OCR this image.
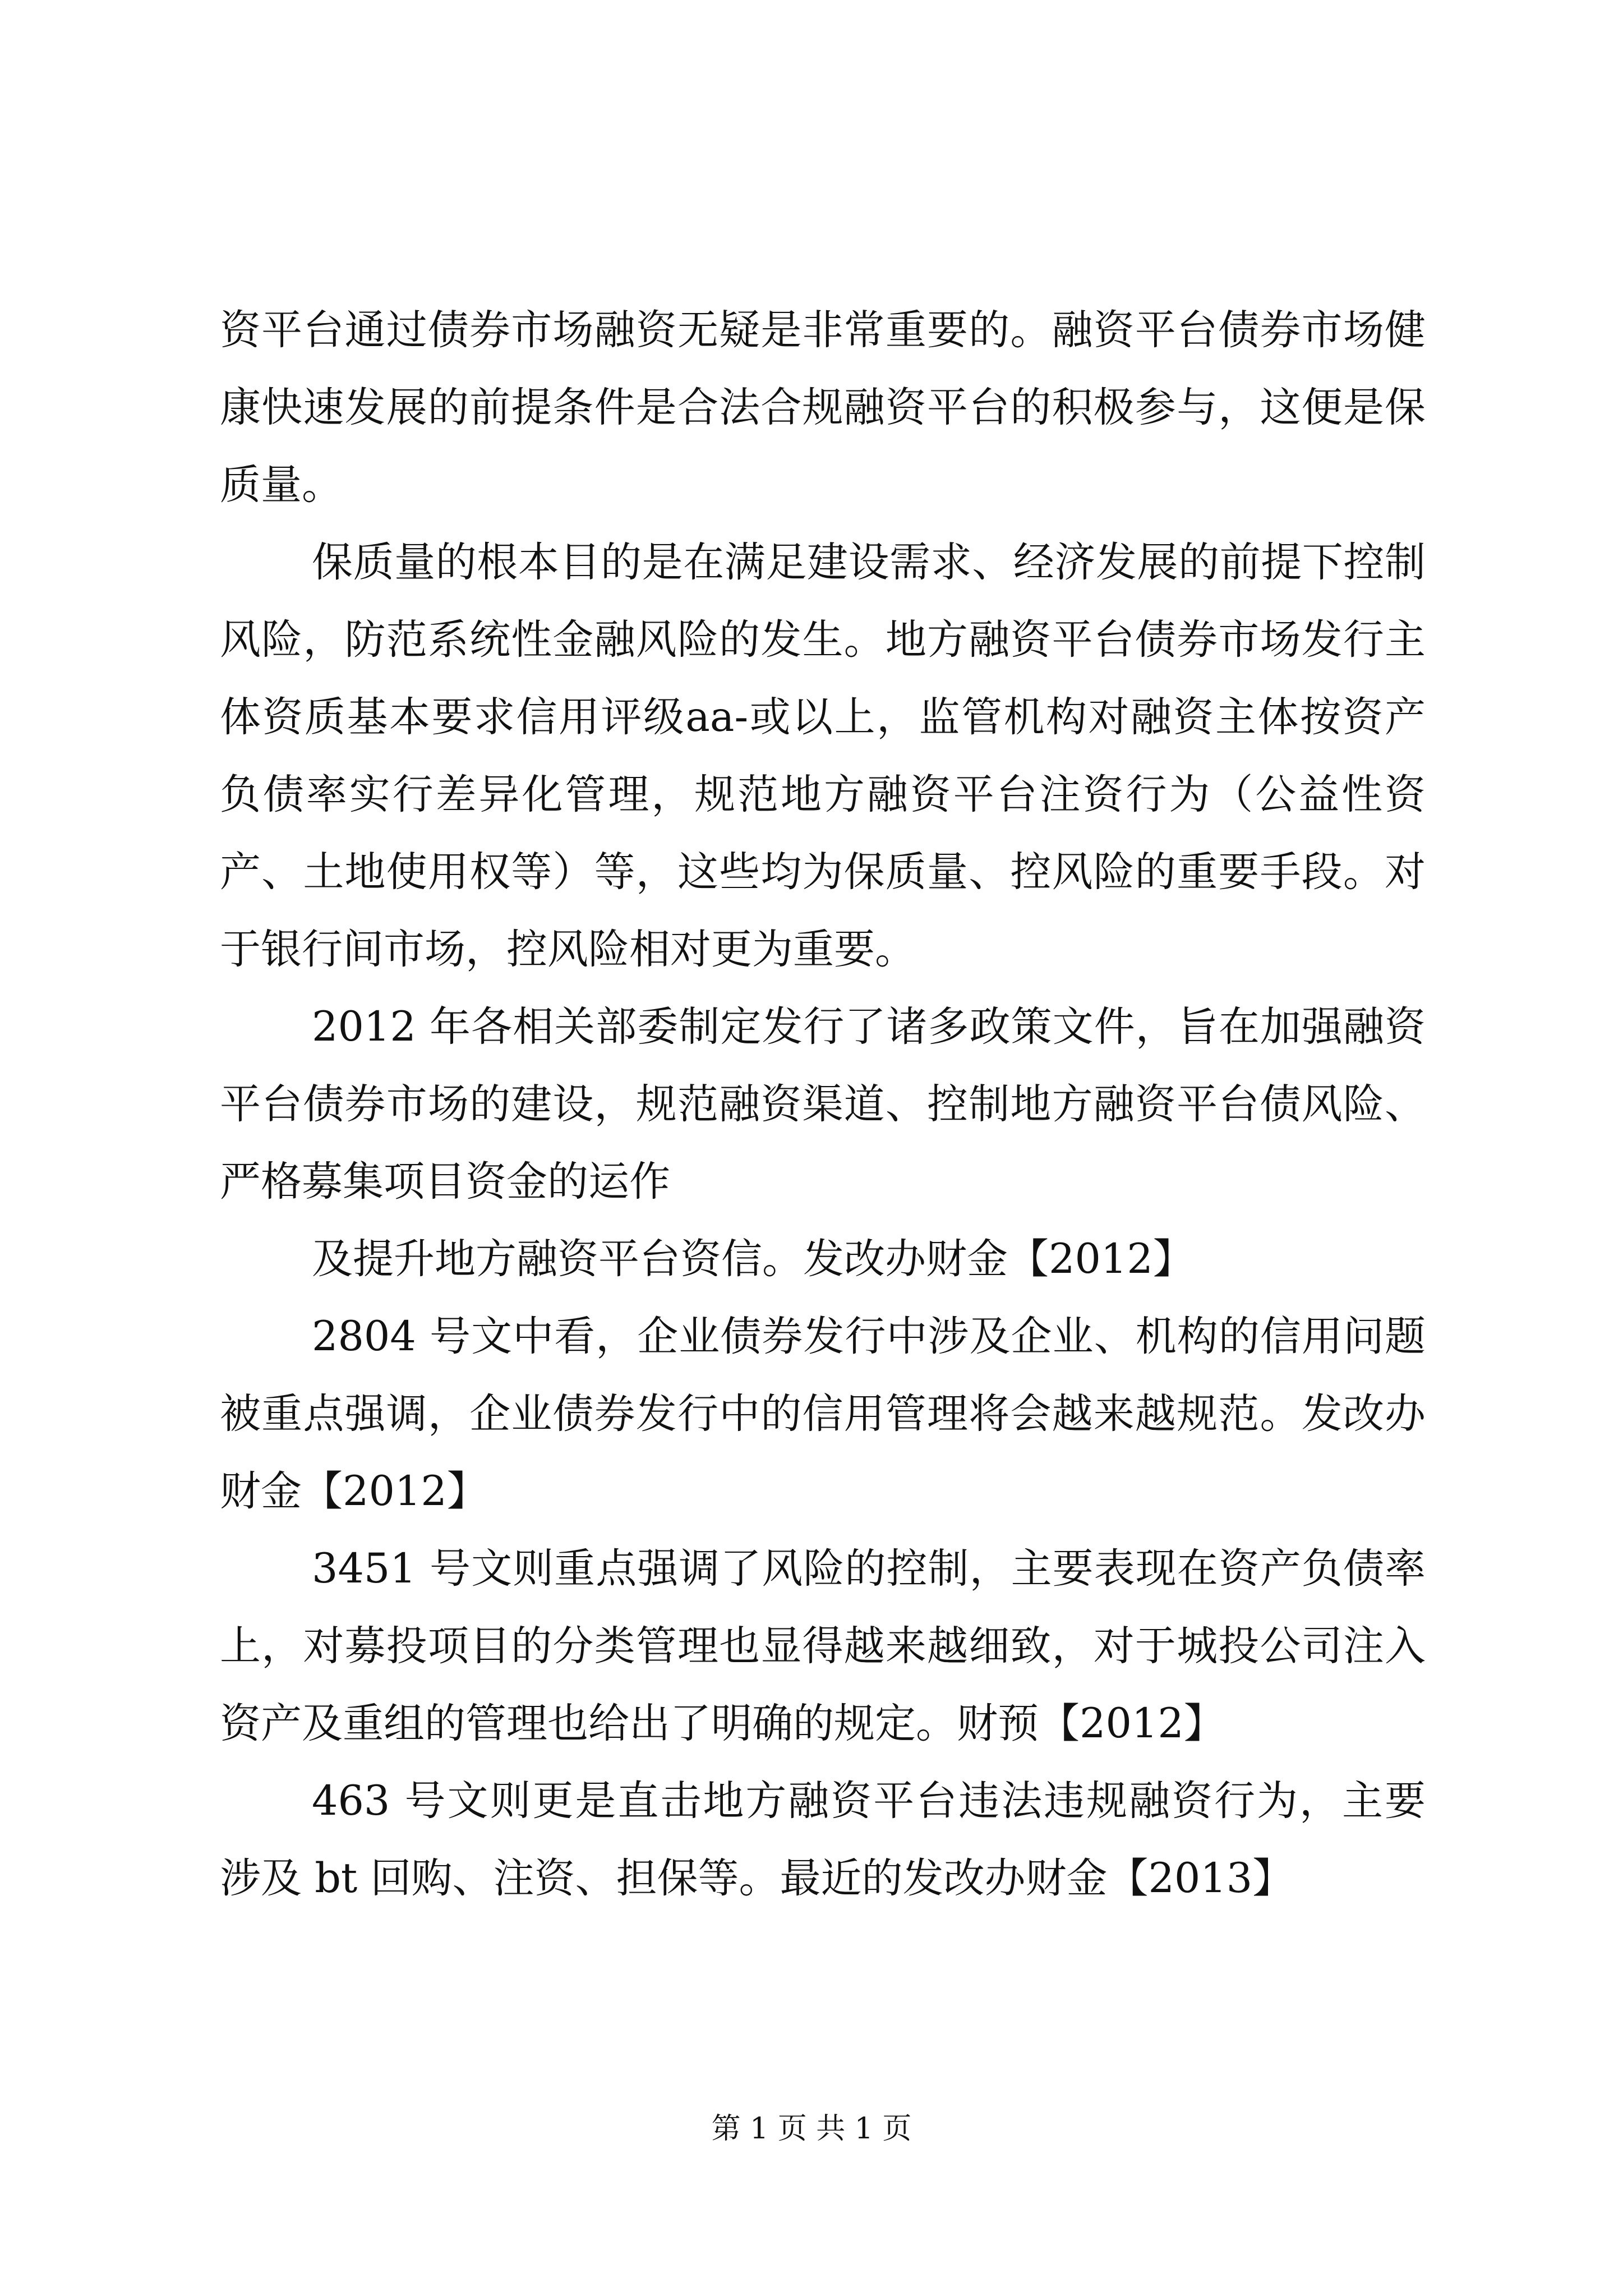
资平台通过债券市场融资无疑是非常重要的。融资平台债券市场健康快速发展的前提条件是合法合规融资平台的积极参与，这便是保质量。

保质量的根本目的是在满足建设需求、经济发展的前提下控制风险，防范系统性金融风险的发生。地方融资平台债券市场发行主体资质基本要求信用评级aa-或以上，监管机构对融资主体按资产负债率实行差异化管理，规范地方融资平台注资行为（公益性资产、土地使用权等）等，这些均为保质量、控风险的重要手段。对于银行间市场，控风险相对更为重要。

2012 年各相关部委制定发行了诸多政策文件，旨在加强融资平台债券市场的建设，规范融资渠道、控制地方融资平台债风险、严格募集项目资金的运作

及提升地方融资平台资信。发改办财金【2012】

2804 号文中看，企业债券发行中涉及企业、机构的信用问题被重点强调，企业债券发行中的信用管理将会越来越规范。发改办财金【2012】

3451 号文则重点强调了风险的控制，主要表现在资产负债率上，对募投项目的分类管理也显得越来越细致，对于城投公司注入资产及重组的管理也给出了明确的规定。财预【2012】

463 号文则更是直击地方融资平台违法违规融资行为，主要涉及 bt 回购、注资、担保等。最近的发改办财金【2013】

第 1 页 共 1 页
